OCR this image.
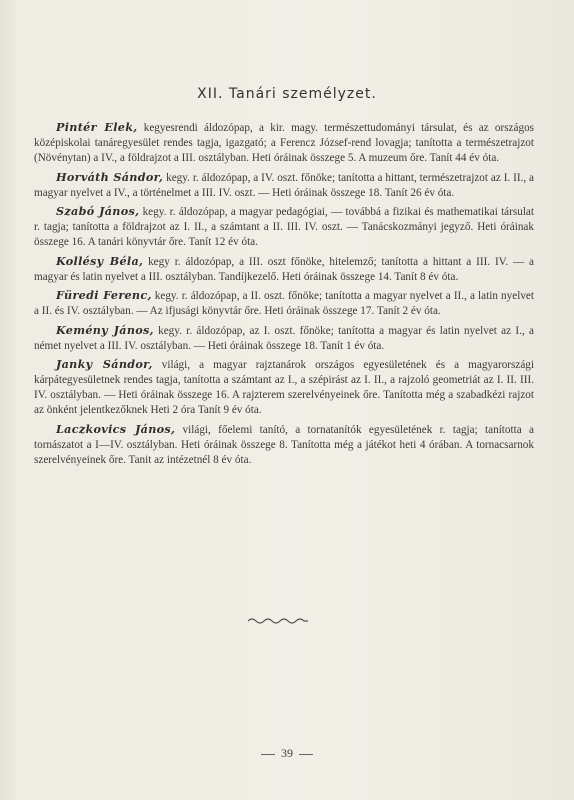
XII. Tanári személyzet.

Pintér Elek, kegyesrendi áldozópap, a kir. magy. természettudományi társulat, és az országos középiskolai tanáregyesület rendes tagja, igazgató; a Ferencz József-rend lovagja; tanította a természetrajzot (Növénytan) a IV., a földrajzot a III. osztályban. Heti óráinak összege 5. A muzeum őre. Tanít 44 év óta.

Horváth Sándor, kegy. r. áldozópap, a IV. oszt. főnöke; tanította a hittant, természetrajzot az I. II., a magyar nyelvet a IV., a történelmet a III. IV. oszt. — Heti óráinak összege 18. Tanít 26 év óta.

Szabó János, kegy. r. áldozópap, a magyar pedagógiai, — továbbá a fizikai és mathematikai társulat r. tagja; tanította a földrajzot az I. II., a számtant a II. III. IV. oszt. — Tanácskozmányi jegyző. Heti óráinak összege 16. A tanári könyvtár őre. Tanít 12 év óta.

Kollésy Béla, kegy r. áldozópap, a III. oszt főnöke, hitelemző; tanította a hittant a III. IV. — a magyar és latin nyelvet a III. osztályban. Tandíjkezelő. Heti óráinak összege 14. Tanít 8 év óta.

Füredi Ferenc, kegy. r. áldozópap, a II. oszt. főnöke; tanította a magyar nyelvet a II., a latin nyelvet a II. és IV. osztályban. — Az ifjusági könyvtár őre. Heti óráinak összege 17. Tanít 2 év óta.

Kemény János, kegy. r. áldozópap, az I. oszt. főnöke; tanította a magyar és latin nyelvet az I., a német nyelvet a III. IV. osztályban. — Heti óráinak összege 18. Tanít 1 év óta.

Janky Sándor, világi, a magyar rajztanárok országos egyesületének és a magyarországi kárpátegyesületnek rendes tagja, tanította a számtant az I., a szépirást az I. II., a rajzoló geometriát az I. II. III. IV. osztályban. — Heti óráinak összege 16. A rajzterem szerelvényeinek őre. Tanította még a szabadkézi rajzot az önként jelentkezőknek Heti 2 óra Tanít 9 év óta.

Laczkovics János, világi, főelemi tanító, a tornatanítók egyesületének r. tagja; tanította a tornászatot a I—IV. osztályban. Heti óráinak összege 8. Tanította még a játékot heti 4 órában. A tornacsarnok szerelvényeinek őre. Tanit az intézetnél 8 év óta.

39
